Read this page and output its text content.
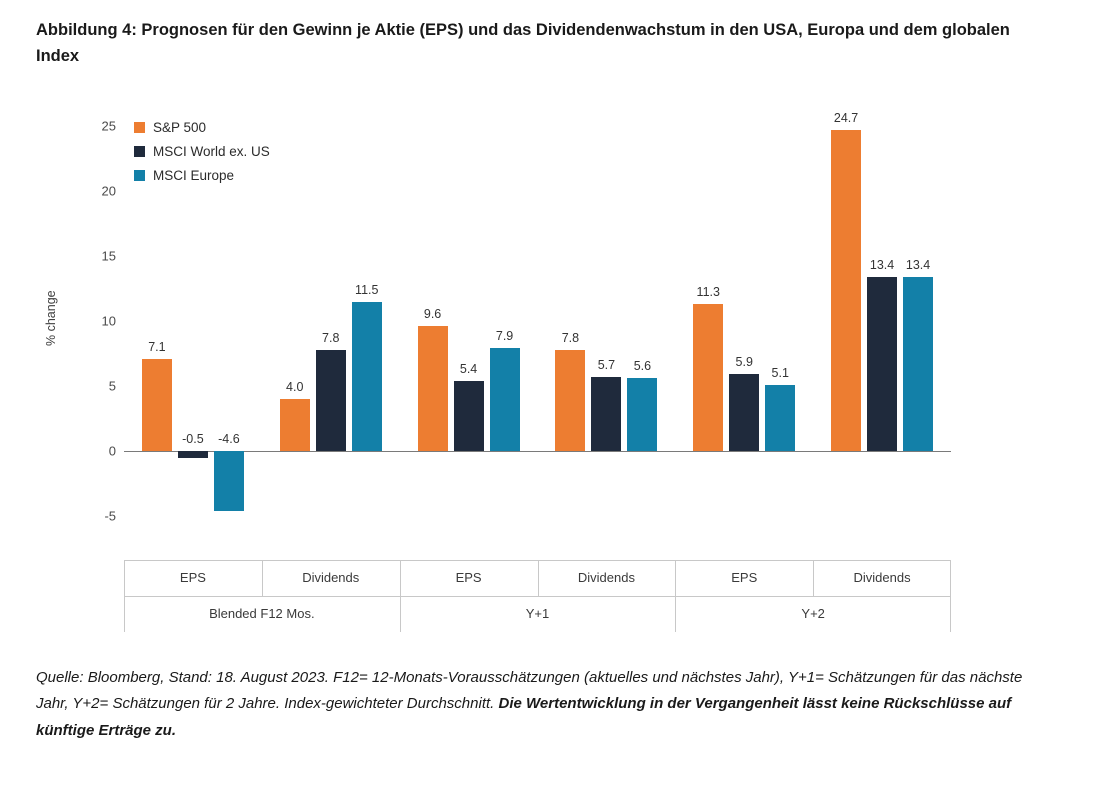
Abbildung 4: Prognosen für den Gewinn je Aktie (EPS) und das Dividendenwachstum in den USA, Europa und dem globalen Index
% change
25
20
15
10
5
0
-5
7.1
-0.5	-4.6
4.0
7.8
11.5
9.6
5.4
7.9	7.8
5.7	5.6
11.3
5.9
5.1
24.7
13.4 13.4
S&P 500
MSCI World ex. US
MSCI Europe
EPS	Dividends	EPS	Dividends	EPS	Dividends
Blended F12 Mos.	Y+1	Y+2
Quelle: Bloomberg, Stand: 18. August 2023. F12= 12-Monats-Vorausschätzungen (aktuelles und nächstes Jahr), Y+1= Schätzungen für das nächste Jahr, Y+2= Schätzungen für 2 Jahre. Index-gewichteter Durchschnitt. Die Wertentwicklung in der Vergangenheit lässt keine Rückschlüsse auf künftige Erträge zu.
